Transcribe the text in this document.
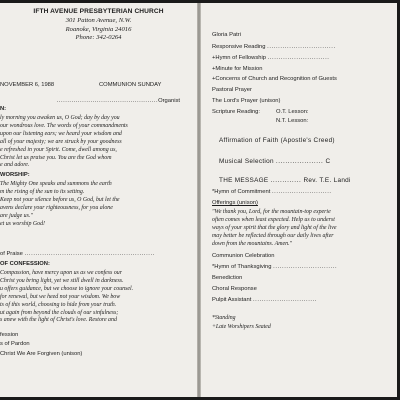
IFTH AVENUE PRESBYTERIAN CHURCH
301 Patton Avenue, N.W.
Roanoke, Virginia 24016
Phone: 342-0264
NOVEMBER 6, 1988	COMMUNION SUNDAY
................................................Organist
N:
ly morning you awaken us, O God; day by day you
our wondrous love. The words of your commandments
upon our listening ears; we heard your wisdom and
all of your majesty; we are struck by your goodness
e refreshed in your Spirit. Come, dwell among us,
Christ let us praise you. You are the God whom
e and adore.
WORSHIP:
The Mighty One speaks and summons the earth
m the rising of the sun to its setting.
Keep not your silence before us, O God, but let the
avens declare your righteousness, for you alone
are judge us."
et us worship God!
of Praise ...........................................................
OF CONFESSION:
Compassion, have mercy upon us as we confess our
Christ you bring light, yet we still dwell in darkness.
u offers guidance, but we choose to ignore your counsel.
for renewal, but we heed not your wisdom. We bow
ts of this world, choosing to hide from your truth.
ut again from beyond the clouds of our sinfulness;
s anew with the light of Christ's love. Restore and
fession
s of Pardon
Christ We Are Forgiven (unison)
Gloria Patri
Responsive Reading ...............................
+Hymn of Fellowship ............................
+Minute for Mission
+Concerns of Church and Recognition of Guests
Pastoral Prayer
The Lord's Prayer (unison)
Scripture Reading:	O.T. Lesson:
N.T. Lesson:
Affirmation of Faith (Apostle's Creed)
Musical Selection .................... C
THE MESSAGE ............. Rev. T.E. Landi
*Hymn of Commitment ...........................
Offerings (unison)
"We thank you, Lord, for the mountain-top experie
often comes when least expected. Help us to underst
ways of your spirit that the glory and light of the live
may better be reflected through our daily lives after
down from the mountains. Amen."
Communion Celebration
*Hymn of Thanksgiving .............................
Benediction
Choral Response
Pulpit Assistant .............................
*Standing
+Late Worshipers Seated
